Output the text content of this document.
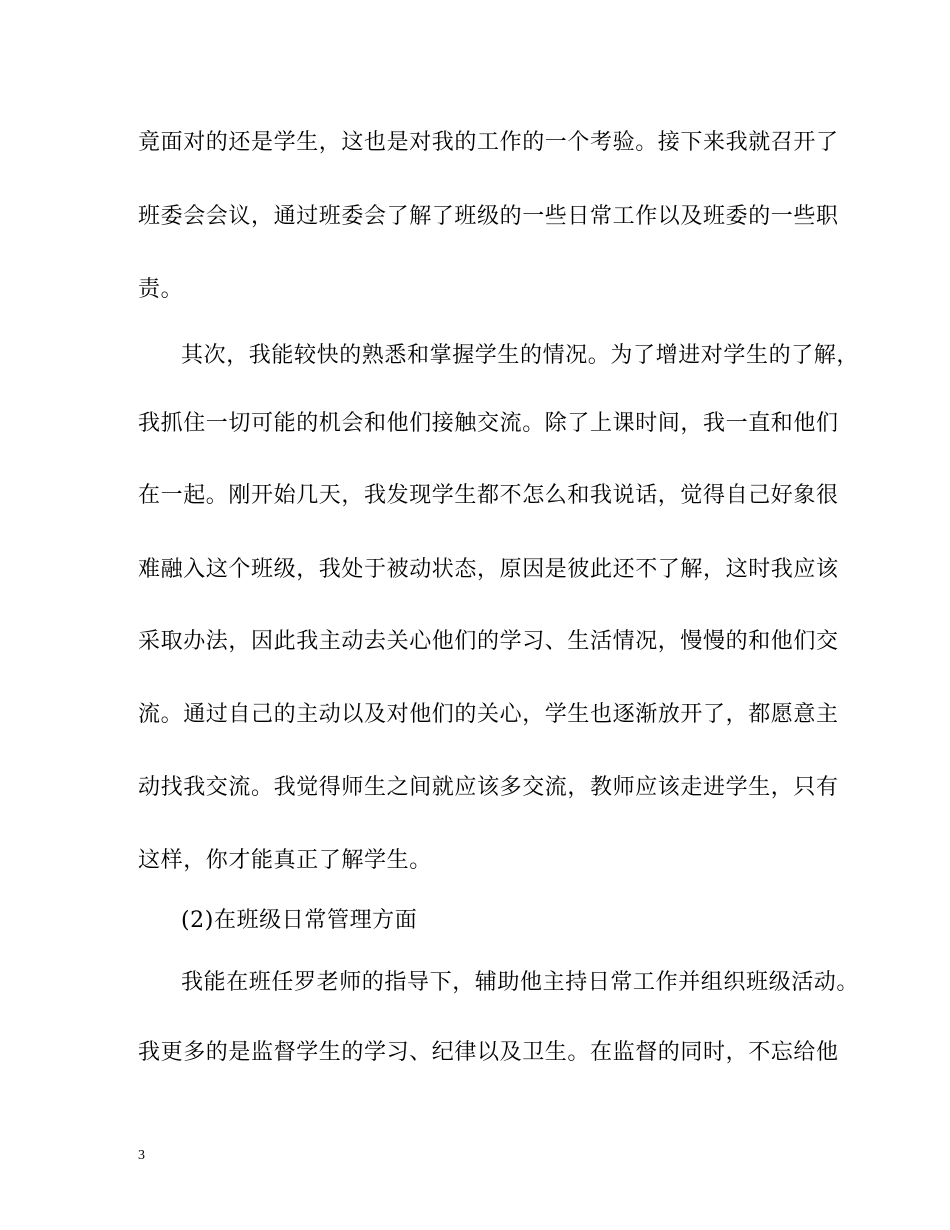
竟面对的还是学生，这也是对我的工作的一个考验。接下来我就召开了
班委会会议，通过班委会了解了班级的一些日常工作以及班委的一些职
责。
其次，我能较快的熟悉和掌握学生的情况。为了增进对学生的了解，
我抓住一切可能的机会和他们接触交流。除了上课时间，我一直和他们
在一起。刚开始几天，我发现学生都不怎么和我说话，觉得自己好象很
难融入这个班级，我处于被动状态，原因是彼此还不了解，这时我应该
采取办法，因此我主动去关心他们的学习、生活情况，慢慢的和他们交
流。通过自己的主动以及对他们的关心，学生也逐渐放开了，都愿意主
动找我交流。我觉得师生之间就应该多交流，教师应该走进学生，只有
这样，你才能真正了解学生。
(2)在班级日常管理方面
我能在班任罗老师的指导下，辅助他主持日常工作并组织班级活动。
我更多的是监督学生的学习、纪律以及卫生。在监督的同时，不忘给他
3
